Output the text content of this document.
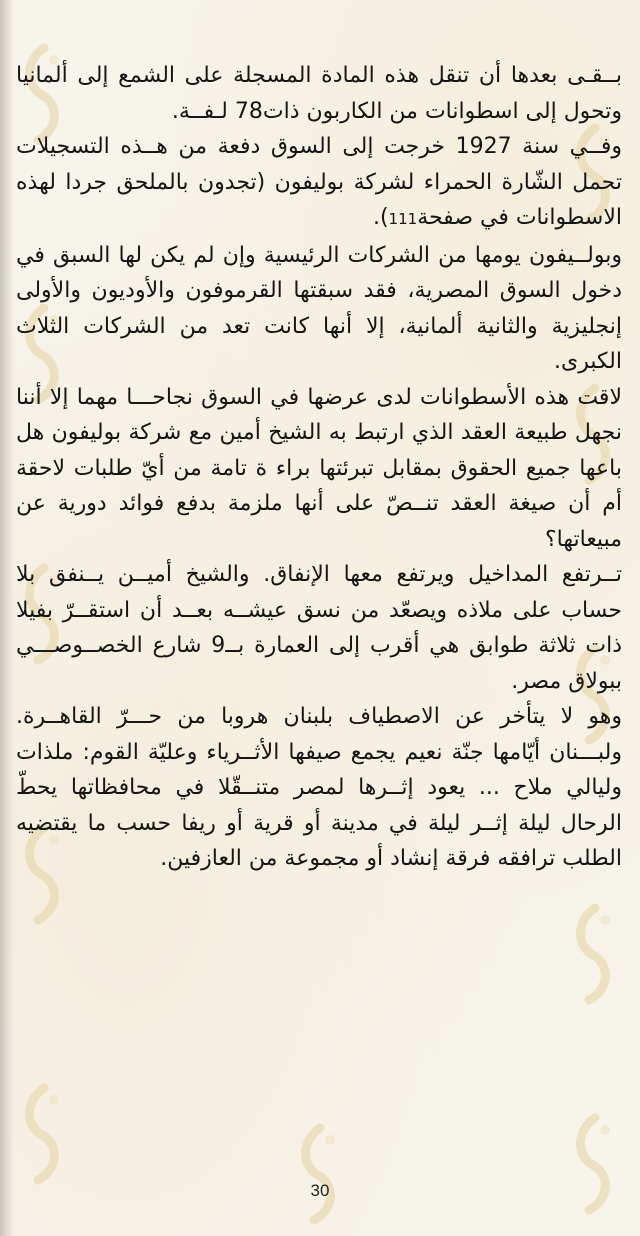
بــقـى بعدها أن تنقل هذه المادة المسجلة على الشمع إلى ألمانيا وتحول إلى اسطوانات من الكاربون ذات78 لـفــة.

وفــي سنة 1927 خرجت إلى السوق دفعة من هــذه التسجيلات تحمل الشّارة الحمراء لشركة بوليفون (تجدون بالملحق جردا لهذه الاسطوانات في صفحة111).

وبولــيفون يومها من الشركات الرئيسية وإن لم يكن لها السبق في دخول السوق المصرية، فقد سبقتها القرموفون والأوديون والأولى إنجليزية والثانية ألمانية، إلا أنها كانت تعد من الشركات الثلاث الكبرى.

لاقت هذه الأسطوانات لدى عرضها في السوق نجاحـــا مهما إلا أننا نجهل طبيعة العقد الذي ارتبط به الشيخ أمين مع شركة بوليفون هل باعها جميع الحقوق بمقابل تبرئتها براء ة تامة من أيّ طلبات لاحقة أم أن صيغة العقد تنــصّ على أنها ملزمة بدفع فوائد دورية عن مبيعاتها؟

تــرتفع المداخيل ويرتفع معها الإنفاق. والشيخ أميــن يــنفق بلا حساب على ملاذه ويصعّد من نسق عيشــه بعــد أن استقــرّ بفيلا ذات ثلاثة طوابق هي أقرب إلى العمارة بــ9 شارع الخصــوصـــي ببولاق مصر.

وهو لا يتأخر عن الاصطياف بلبنان هروبا من حـــرّ القاهــرة. ولبـــنان أيّامها جنّة نعيم يجمع صيفها الأثــرياء وعليّة القوم: ملذات وليالي ملاح ... يعود إثــرها لمصر متنــقّلا في محافظاتها يحطّ الرحال ليلة إثــر ليلة في مدينة أو قرية أو ريفا حسب ما يقتضيه الطلب ترافقه فرقة إنشاد أو مجموعة من العازفين.

30
